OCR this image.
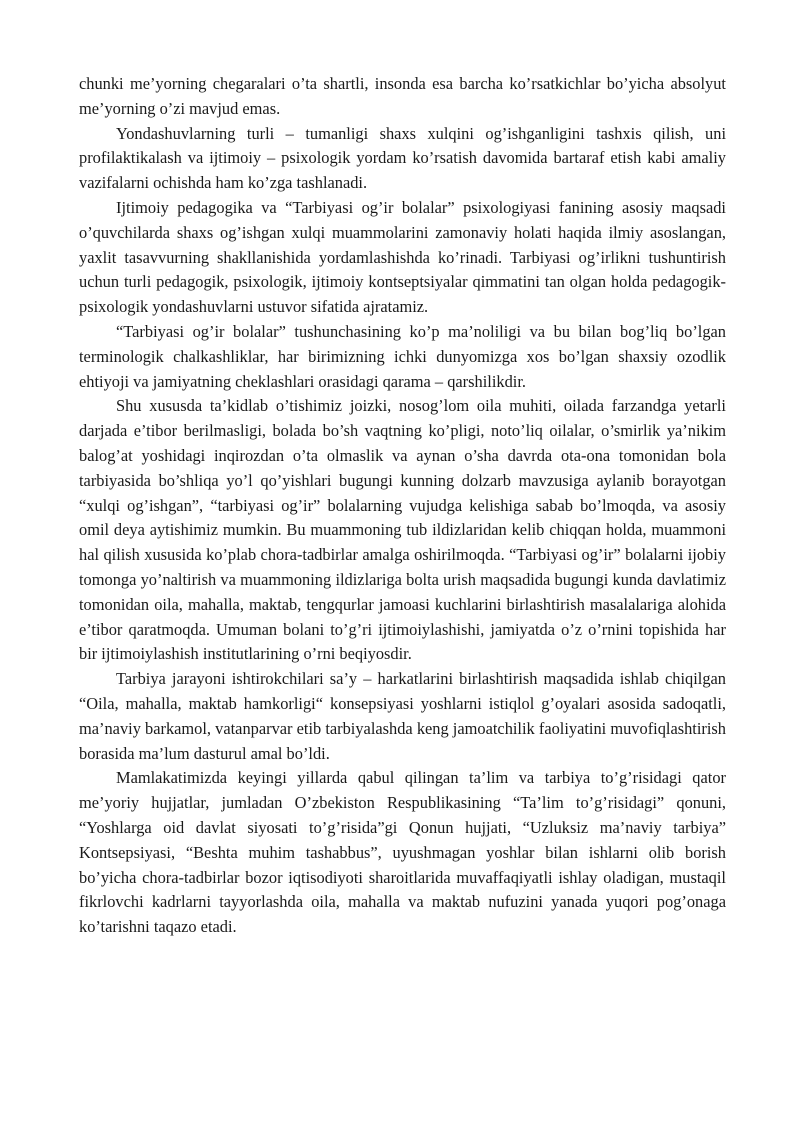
chunki me’yorning chegaralari o’ta shartli, insonda esa barcha ko’rsatkichlar bo’yicha absolyut me’yorning o’zi mavjud emas.

Yondashuvlarning turli – tumanligi shaxs xulqini og’ishganligini tashxis qilish, uni profilaktikalash va ijtimoiy – psixologik yordam ko’rsatish davomida bartaraf etish kabi amaliy vazifalarni ochishda ham ko’zga tashlanadi.

Ijtimoiy pedagogika va “Tarbiyasi og’ir bolalar” psixologiyasi fanining asosiy maqsadi o’quvchilarda shaxs og’ishgan xulqi muammolarini zamonaviy holati haqida ilmiy asoslangan, yaxlit tasavvurning shakllanishida yordamlashishda ko’rinadi. Tarbiyasi og’irlikni tushuntirish uchun turli pedagogik, psixologik, ijtimoiy kontseptsiyalar qimmatini tan olgan holda pedagogik-psixologik yondashuvlarni ustuvor sifatida ajratamiz.

“Tarbiyasi og’ir bolalar” tushunchasining ko’p ma’noliligi va bu bilan bog’liq bo’lgan terminologik chalkashliklar, har birimizning ichki dunyomizga xos bo’lgan shaxsiy ozodlik ehtiyoji va jamiyatning cheklashlari orasidagi qarama – qarshilikdir.

Shu xususda ta’kidlab o’tishimiz joizki, nosog’lom oila muhiti, oilada farzandga yetarli darjada e’tibor berilmasligi, bolada bo’sh vaqtning ko’pligi, noto’liq oilalar, o’smirlik ya’nikim balog’at yoshidagi inqirozdan o’ta olmaslik va aynan o’sha davrda ota-ona tomonidan bola tarbiyasida bo’shliqa yo’l qo’yishlari bugungi kunning dolzarb mavzusiga aylanib borayotgan “xulqi og’ishgan”, “tarbiyasi og’ir” bolalarning vujudga kelishiga sabab bo’lmoqda, va asosiy omil deya aytishimiz mumkin. Bu muammoning tub ildizlaridan kelib chiqqan holda, muammoni hal qilish xususida ko’plab chora-tadbirlar amalga oshirilmoqda. “Tarbiyasi og’ir” bolalarni ijobiy tomonga yo’naltirish va muammoning ildizlariga bolta urish maqsadida bugungi kunda davlatimiz tomonidan oila, mahalla, maktab, tengqurlar jamoasi kuchlarini birlashtirish masalalariga alohida e’tibor qaratmoqda. Umuman bolani to’g’ri ijtimoiylashishi, jamiyatda o’z o’rnini topishida har bir ijtimoiylashish institutlarining o’rni beqiyosdir.

Tarbiya jarayoni ishtirokchilari sa’y – harkatlarini birlashtirish maqsadida ishlab chiqilgan “Oila, mahalla, maktab hamkorligi“ konsepsiyasi yoshlarni istiqlol g’oyalari asosida sadoqatli, ma’naviy barkamol, vatanparvar etib tarbiyalashda keng jamoatchilik faoliyatini muvofiqlashtirish borasida ma’lum dasturul amal bo’ldi.

Mamlakatimizda keyingi yillarda qabul qilingan ta’lim va tarbiya to’g’risidagi qator me’yoriy hujjatlar, jumladan O’zbekiston Respublikasining “Ta’lim to’g’risidagi” qonuni, “Yoshlarga oid davlat siyosati to’g’risida”gi Qonun hujjati, “Uzluksiz ma’naviy tarbiya” Kontsepsiyasi, “Beshta muhim tashabbus”, uyushmagan yoshlar bilan ishlarni olib borish bo’yicha chora-tadbirlar bozor iqtisodiyoti sharoitlarida muvaffaqiyatli ishlay oladigan, mustaqil fikrlovchi kadrlarni tayyorlashda oila, mahalla va maktab nufuzini yanada yuqori pog’onaga ko’tarishni taqazo etadi.
